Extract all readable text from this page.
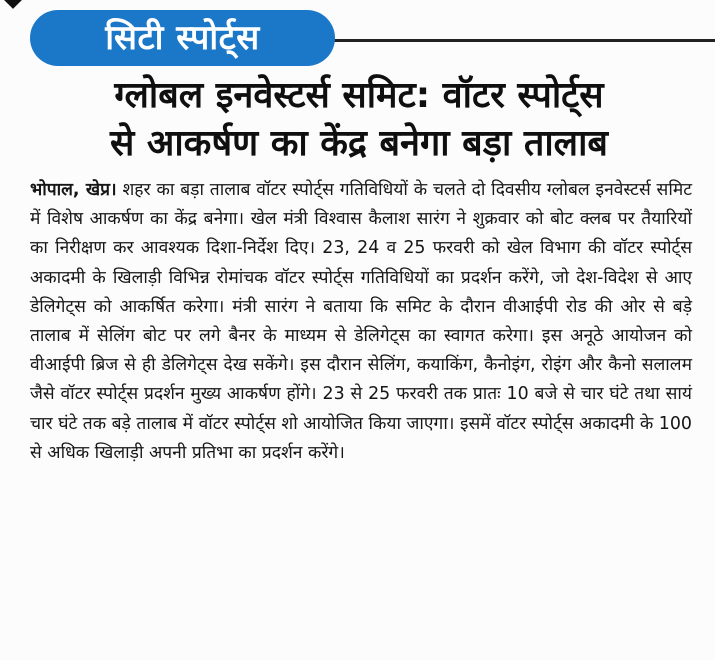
सिटी स्पोर्ट्स
ग्लोबल इनवेस्टर्स समिट: वॉटर स्पोर्ट्स
से आकर्षण का केंद्र बनेगा बड़ा तालाब

भोपाल, खेप्र। शहर का बड़ा तालाब वॉटर स्पोर्ट्स गतिविधियों के चलते दो दिवसीय ग्लोबल इनवेस्टर्स समिट में विशेष आकर्षण का केंद्र बनेगा। खेल मंत्री विश्वास कैलाश सारंग ने शुक्रवार को बोट क्लब पर तैयारियों का निरीक्षण कर आवश्यक दिशा-निर्देश दिए। 23, 24 व 25 फरवरी को खेल विभाग की वॉटर स्पोर्ट्स अकादमी के खिलाड़ी विभिन्न रोमांचक वॉटर स्पोर्ट्स गतिविधियों का प्रदर्शन करेंगे, जो देश-विदेश से आए डेलिगेट्स को आकर्षित करेगा। मंत्री सारंग ने बताया कि समिट के दौरान वीआईपी रोड की ओर से बड़े तालाब में सेलिंग बोट पर लगे बैनर के माध्यम से डेलिगेट्स का स्वागत करेगा। इस अनूठे आयोजन को वीआईपी ब्रिज से ही डेलिगेट्स देख सकेंगे। इस दौरान सेलिंग, कयाकिंग, कैनोइंग, रोइंग और कैनो सलालम जैसे वॉटर स्पोर्ट्स प्रदर्शन मुख्य आकर्षण होंगे। 23 से 25 फरवरी तक प्रातः 10 बजे से चार घंटे तथा सायं चार घंटे तक बड़े तालाब में वॉटर स्पोर्ट्स शो आयोजित किया जाएगा। इसमें वॉटर स्पोर्ट्स अकादमी के 100 से अधिक खिलाड़ी अपनी प्रतिभा का प्रदर्शन करेंगे।
